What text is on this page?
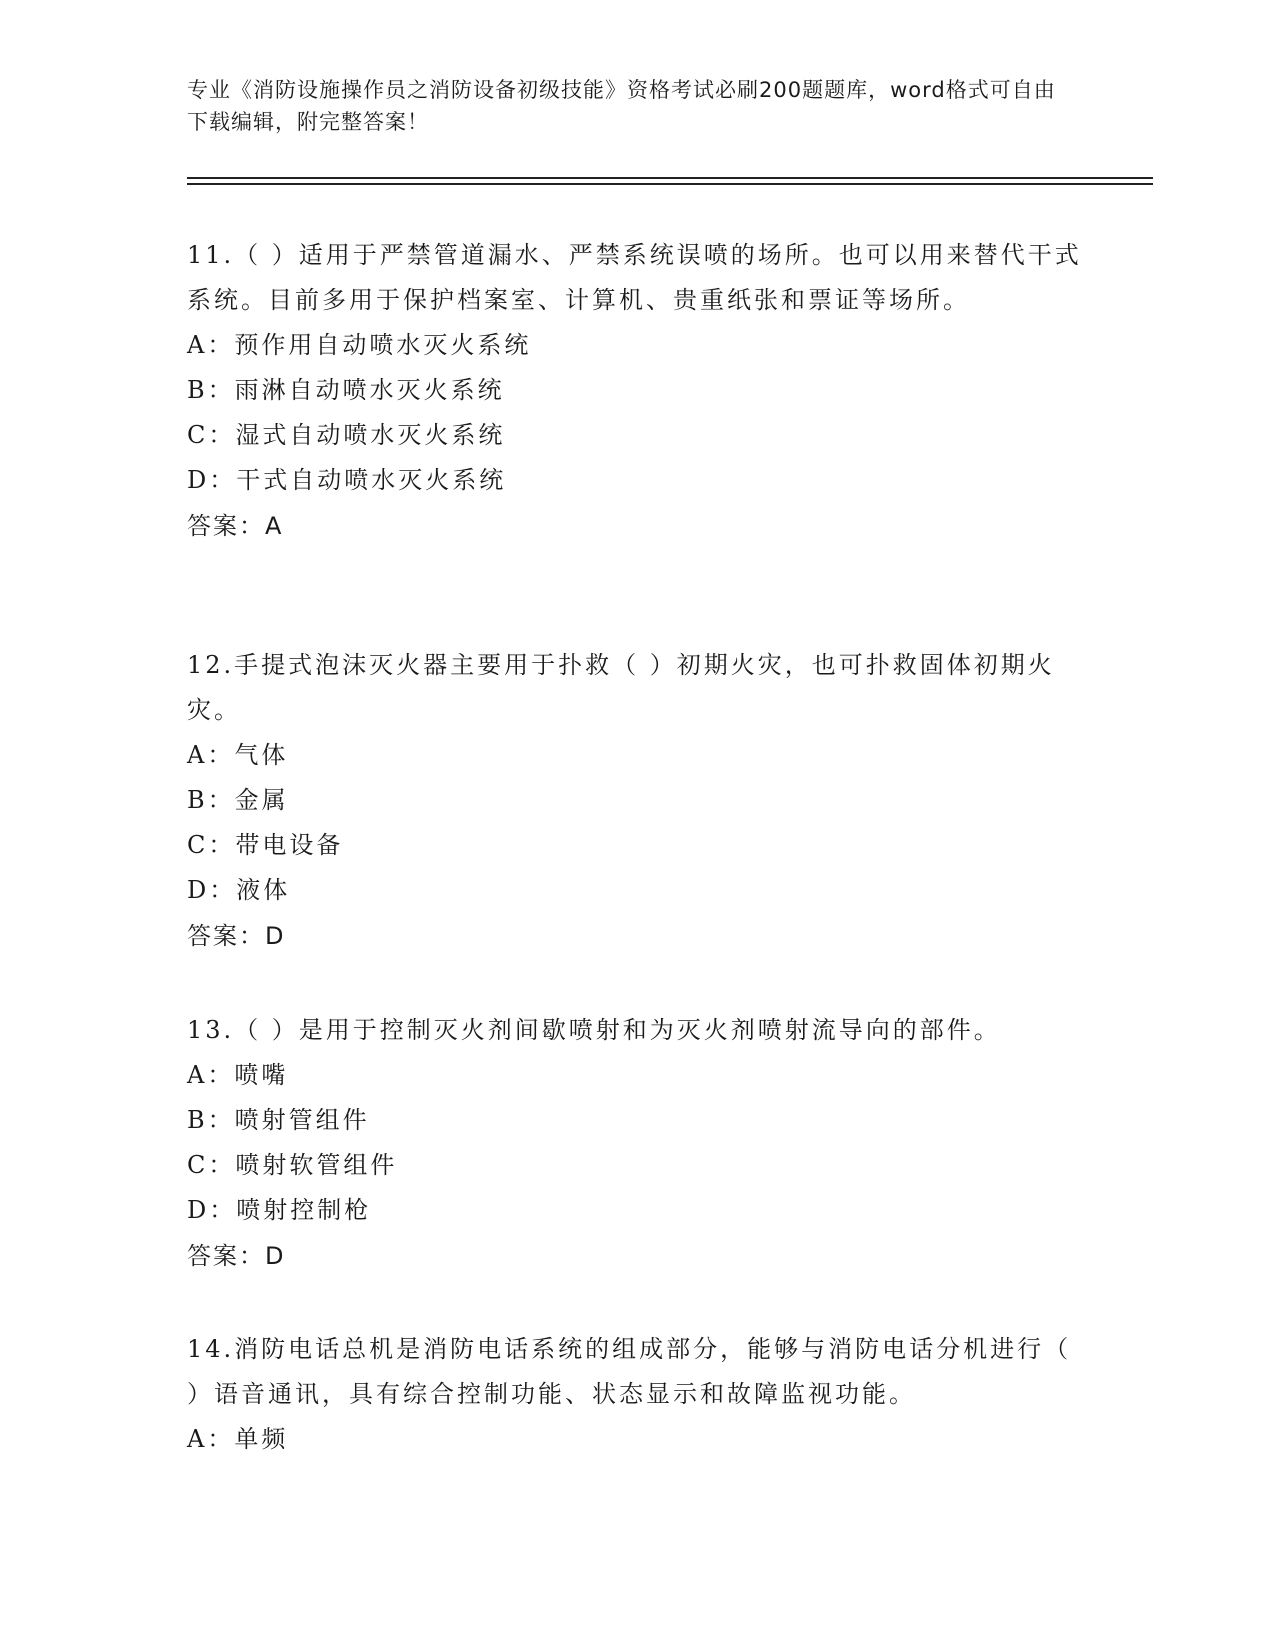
专业《消防设施操作员之消防设备初级技能》资格考试必刷200题题库，word格式可自由下载编辑，附完整答案！

11.（ ）适用于严禁管道漏水、严禁系统误喷的场所。也可以用来替代干式系统。目前多用于保护档案室、计算机、贵重纸张和票证等场所。

A：预作用自动喷水灭火系统

B：雨淋自动喷水灭火系统

C：湿式自动喷水灭火系统

D：干式自动喷水灭火系统

答案：A

12.手提式泡沫灭火器主要用于扑救（ ）初期火灾，也可扑救固体初期火灾。

A：气体

B：金属

C：带电设备

D：液体

答案：D

13.（ ）是用于控制灭火剂间歇喷射和为灭火剂喷射流导向的部件。

A：喷嘴

B：喷射管组件

C：喷射软管组件

D：喷射控制枪

答案：D

14.消防电话总机是消防电话系统的组成部分，能够与消防电话分机进行（ ）语音通讯，具有综合控制功能、状态显示和故障监视功能。

A：单频
